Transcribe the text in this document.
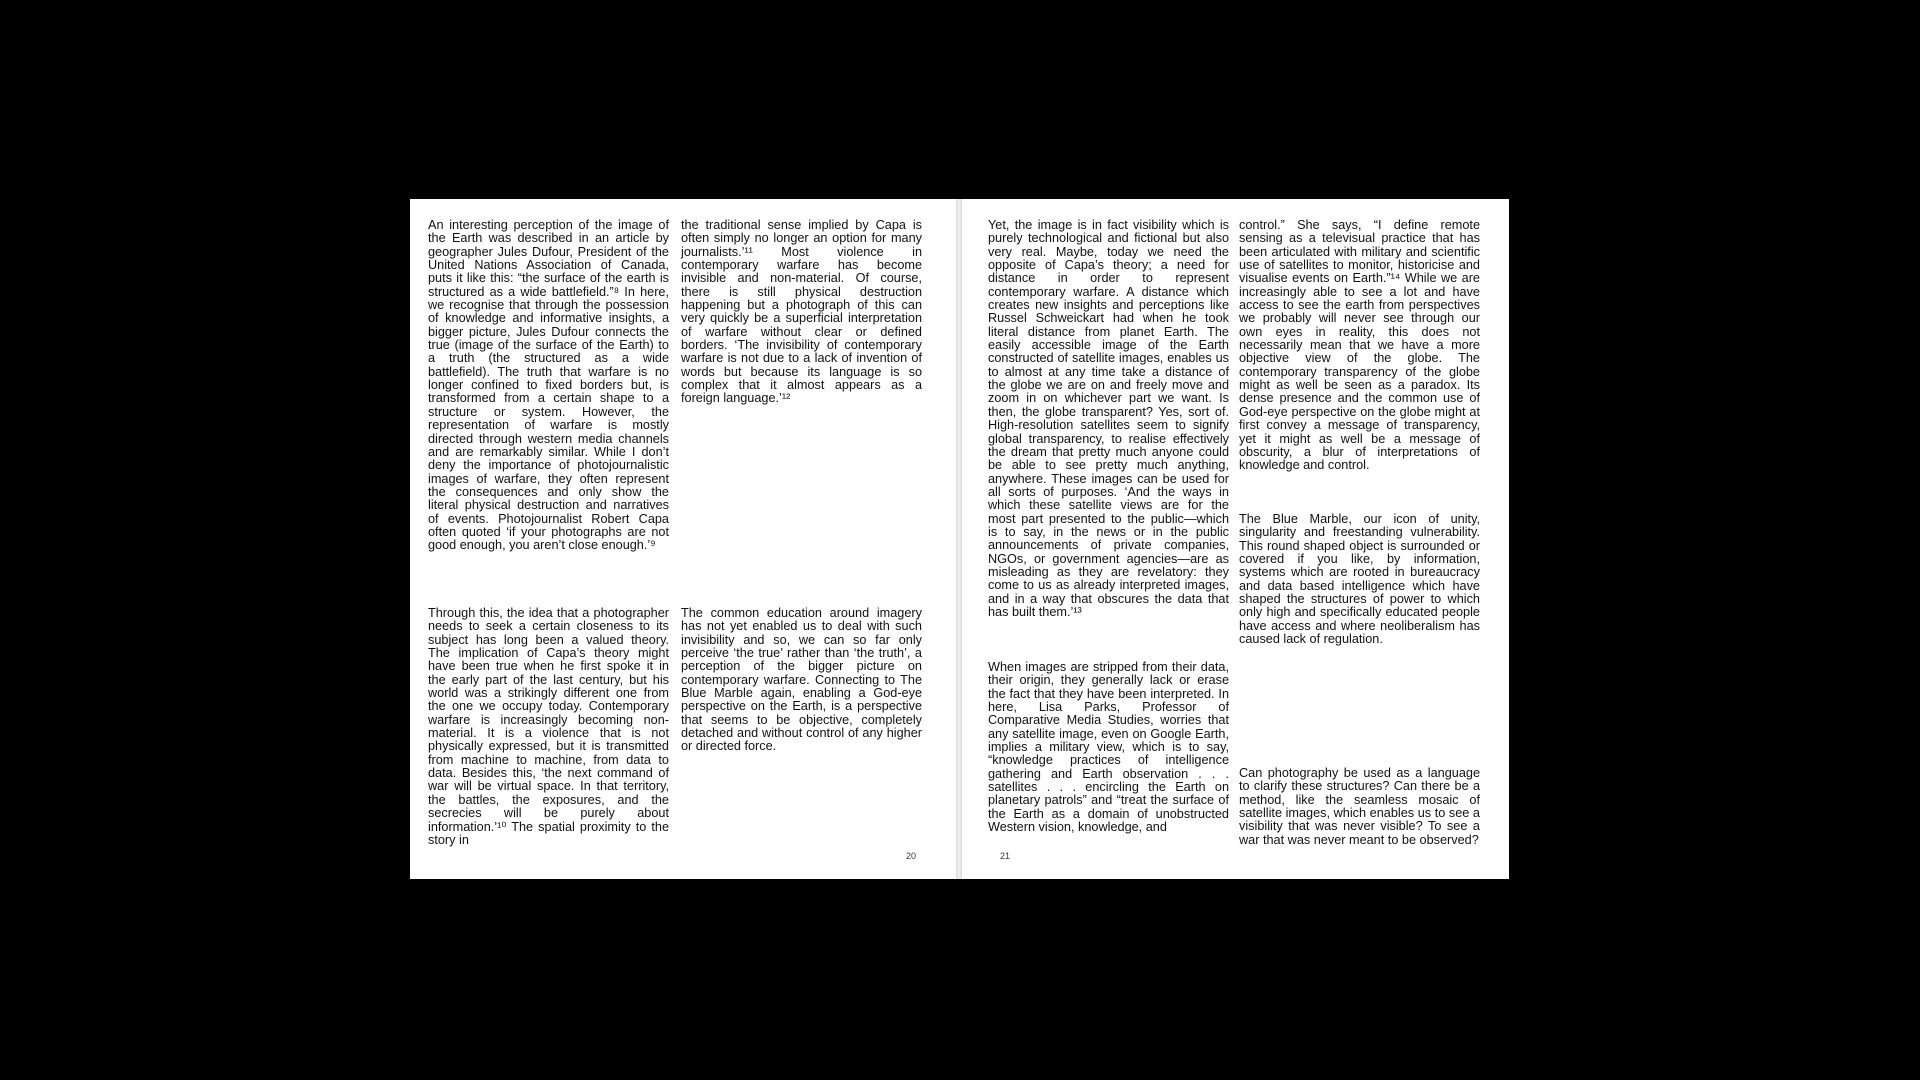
An interesting perception of the image of the Earth was described in an article by geographer Jules Dufour, President of the United Nations Association of Canada, puts it like this: “the surface of the earth is structured as a wide battlefield.”⁸ In here, we recognise that through the possession of knowledge and informative insights, a bigger picture, Jules Dufour connects the true (image of the surface of the Earth) to a truth (the structured as a wide battlefield). The truth that warfare is no longer confined to fixed borders but, is transformed from a certain shape to a structure or system. However, the representation of warfare is mostly directed through western media channels and are remarkably similar. While I don’t deny the importance of photojournalistic images of warfare, they often represent the consequences and only show the literal physical destruction and narratives of events. Photojournalist Robert Capa often quoted ‘if your photographs are not good enough, you aren’t close enough.’⁹

Through this, the idea that a photographer needs to seek a certain closeness to its subject has long been a valued theory. The implication of Capa’s theory might have been true when he first spoke it in the early part of the last century, but his world was a strikingly different one from the one we occupy today. Contemporary warfare is increasingly becoming non-material. It is a violence that is not physically expressed, but it is transmitted from machine to machine, from data to data. Besides this, ‘the next command of war will be virtual space. In that territory, the battles, the exposures, and the secrecies will be purely about information.’¹⁰ The spatial proximity to the story in

the traditional sense implied by Capa is often simply no longer an option for many journalists.’¹¹ Most violence in contemporary warfare has become invisible and non-material. Of course, there is still physical destruction happening but a photograph of this can very quickly be a superficial interpretation of warfare without clear or defined borders. ‘The invisibility of contemporary warfare is not due to a lack of invention of words but because its language is so complex that it almost appears as a foreign language.’¹²

The common education around imagery has not yet enabled us to deal with such invisibility and so, we can so far only perceive ‘the true’ rather than ‘the truth’, a perception of the bigger picture on contemporary warfare. Connecting to The Blue Marble again, enabling a God-eye perspective on the Earth, is a perspective that seems to be objective, completely detached and without control of any higher or directed force.

20

Yet, the image is in fact visibility which is purely technological and fictional but also very real. Maybe, today we need the opposite of Capa’s theory; a need for distance in order to represent contemporary warfare. A distance which creates new insights and perceptions like Russel Schweickart had when he took literal distance from planet Earth. The easily accessible image of the Earth constructed of satellite images, enables us to almost at any time take a distance of the globe we are on and freely move and zoom in on whichever part we want. Is then, the globe transparent? Yes, sort of. High-resolution satellites seem to signify global transparency, to realise effectively the dream that pretty much anyone could be able to see pretty much anything, anywhere. These images can be used for all sorts of purposes. ‘And the ways in which these satellite views are for the most part presented to the public—which is to say, in the news or in the public announcements of private companies, NGOs, or government agencies—are as misleading as they are revelatory: they come to us as already interpreted images, and in a way that obscures the data that has built them.’¹³

When images are stripped from their data, their origin, they generally lack or erase the fact that they have been interpreted. In here, Lisa Parks, Professor of Comparative Media Studies, worries that any satellite image, even on Google Earth, implies a military view, which is to say, “knowledge practices of intelligence gathering and Earth observation . . . satellites . . . encircling the Earth on planetary patrols” and “treat the surface of the Earth as a domain of unobstructed Western vision, knowledge, and

control.” She says, “I define remote sensing as a televisual practice that has been articulated with military and scientific use of satellites to monitor, historicise and visualise events on Earth.”¹⁴ While we are increasingly able to see a lot and have access to see the earth from perspectives we probably will never see through our own eyes in reality, this does not necessarily mean that we have a more objective view of the globe. The contemporary transparency of the globe might as well be seen as a paradox. Its dense presence and the common use of God-eye perspective on the globe might at first convey a message of transparency, yet it might as well be a message of obscurity, a blur of interpretations of knowledge and control.

The Blue Marble, our icon of unity, singularity and freestanding vulnerability. This round shaped object is surrounded or covered if you like, by information, systems which are rooted in bureaucracy and data based intelligence which have shaped the structures of power to which only high and specifically educated people have access and where neoliberalism has caused lack of regulation.

Can photography be used as a language to clarify these structures? Can there be a method, like the seamless mosaic of satellite images, which enables us to see a visibility that was never visible? To see a war that was never meant to be observed?

21
